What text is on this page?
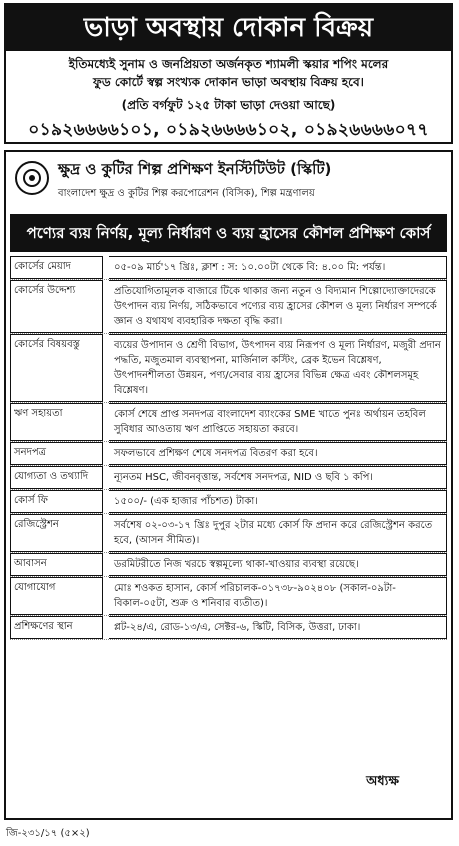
ভাড়া অবস্থায় দোকান বিক্রয়
ইতিমধ্যেই সুনাম ও জনপ্রিয়তা অর্জনকৃত শ্যামলী স্কয়ার শপিং মলের
ফুড কোর্টে স্বল্প সংখ্যক দোকান ভাড়া অবস্থায় বিক্রয় হবে।
(প্রতি বর্গফুট ১২৫ টাকা ভাড়া দেওয়া আছে)
০১৯২৬৬৬৬১০১, ০১৯২৬৬৬৬১০২, ০১৯২৬৬৬৬০৭৭
ক্ষুদ্র ও কুটির শিল্প প্রশিক্ষণ ইনস্টিটিউট (স্কিটি)
বাংলাদেশ ক্ষুদ্র ও কুটির শিল্প করপোরেশন (বিসিক), শিল্প মন্ত্রণালয়
পণ্যের ব্যয় নির্ণয়, মূল্য নির্ধারণ ও ব্যয় হ্রাসের কৌশল প্রশিক্ষণ কোর্স
কোর্সের মেয়াদ	০৫-০৯ মার্চ'১৭ খ্রিঃ, ক্লাশ : স: ১০.০০টা থেকে বি: ৪.০০ মি: পর্যন্ত।
কোর্সের উদ্দেশ্য	প্রতিযোগিতামূলক বাজারে টিকে থাকার জন্য নতুন ও বিদ্যমান শিল্পোদ্যোক্তাদেরকে উৎপাদন ব্যয় নির্ণয়, সঠিকভাবে পণ্যের ব্যয় হ্রাসের কৌশল ও মূল্য নির্ধারণ সম্পর্কে জ্ঞান ও যথাযথ ব্যবহারিক দক্ষতা বৃদ্ধি করা।
কোর্সের বিষয়বস্তু	ব্যয়ের উপাদান ও শ্রেণী বিভাগ, উৎপাদন ব্যয় নিরূপণ ও মূল্য নির্ধারণ, মজুরী প্রদান পদ্ধতি, মজুতমাল ব্যবস্থাপনা, মার্জিনাল কস্টিং, ব্রেক ইভেন বিশ্লেষণ, উৎপাদনশীলতা উন্নয়ন, পণ্য/সেবার ব্যয় হ্রাসের বিভিন্ন ক্ষেত্র এবং কৌশলসমূহ বিশ্লেষণ।
ঋণ সহায়তা	কোর্স শেষে প্রাপ্ত সনদপত্র বাংলাদেশ ব্যাংকের SME খাতে পুনঃ অর্থায়ন তহবিল সুবিধার আওতায় ঋণ প্রাপ্তিতে সহায়তা করবে।
সনদপত্র	সফলভাবে প্রশিক্ষণ শেষে সনদপত্র বিতরণ করা হবে।
যোগ্যতা ও তথ্যাদি	ন্যূনতম HSC, জীবনবৃত্তান্ত, সর্বশেষ সনদপত্র, NID ও ছবি ১ কপি।
কোর্স ফি	১৫০০/- (এক হাজার পাঁচশত) টাকা।
রেজিস্ট্রেশন	সর্বশেষ ০২-০৩-১৭ খ্রিঃ দুপুর ২টার মধ্যে কোর্স ফি প্রদান করে রেজিস্ট্রেশন করতে হবে, (আসন সীমিত)।
আবাসন	ডরমিটরীতে নিজ খরচে স্বল্পমূল্যে থাকা-খাওয়ার ব্যবস্থা রয়েছে।
যোগাযোগ	মোঃ শওকত হাসান, কোর্স পরিচালক-০১৭৩৮-৯০২৪০৮ (সকাল-০৯টা-বিকাল-০৫টা, শুক্র ও শনিবার ব্যতীত)।
প্রশিক্ষণের স্থান	প্লট-২৪/এ, রোড-১৩/এ, সেক্টর-৬, স্কিটি, বিসিক, উত্তরা, ঢাকা।
অধ্যক্ষ
জি-২৩১/১৭ (৫×২)
